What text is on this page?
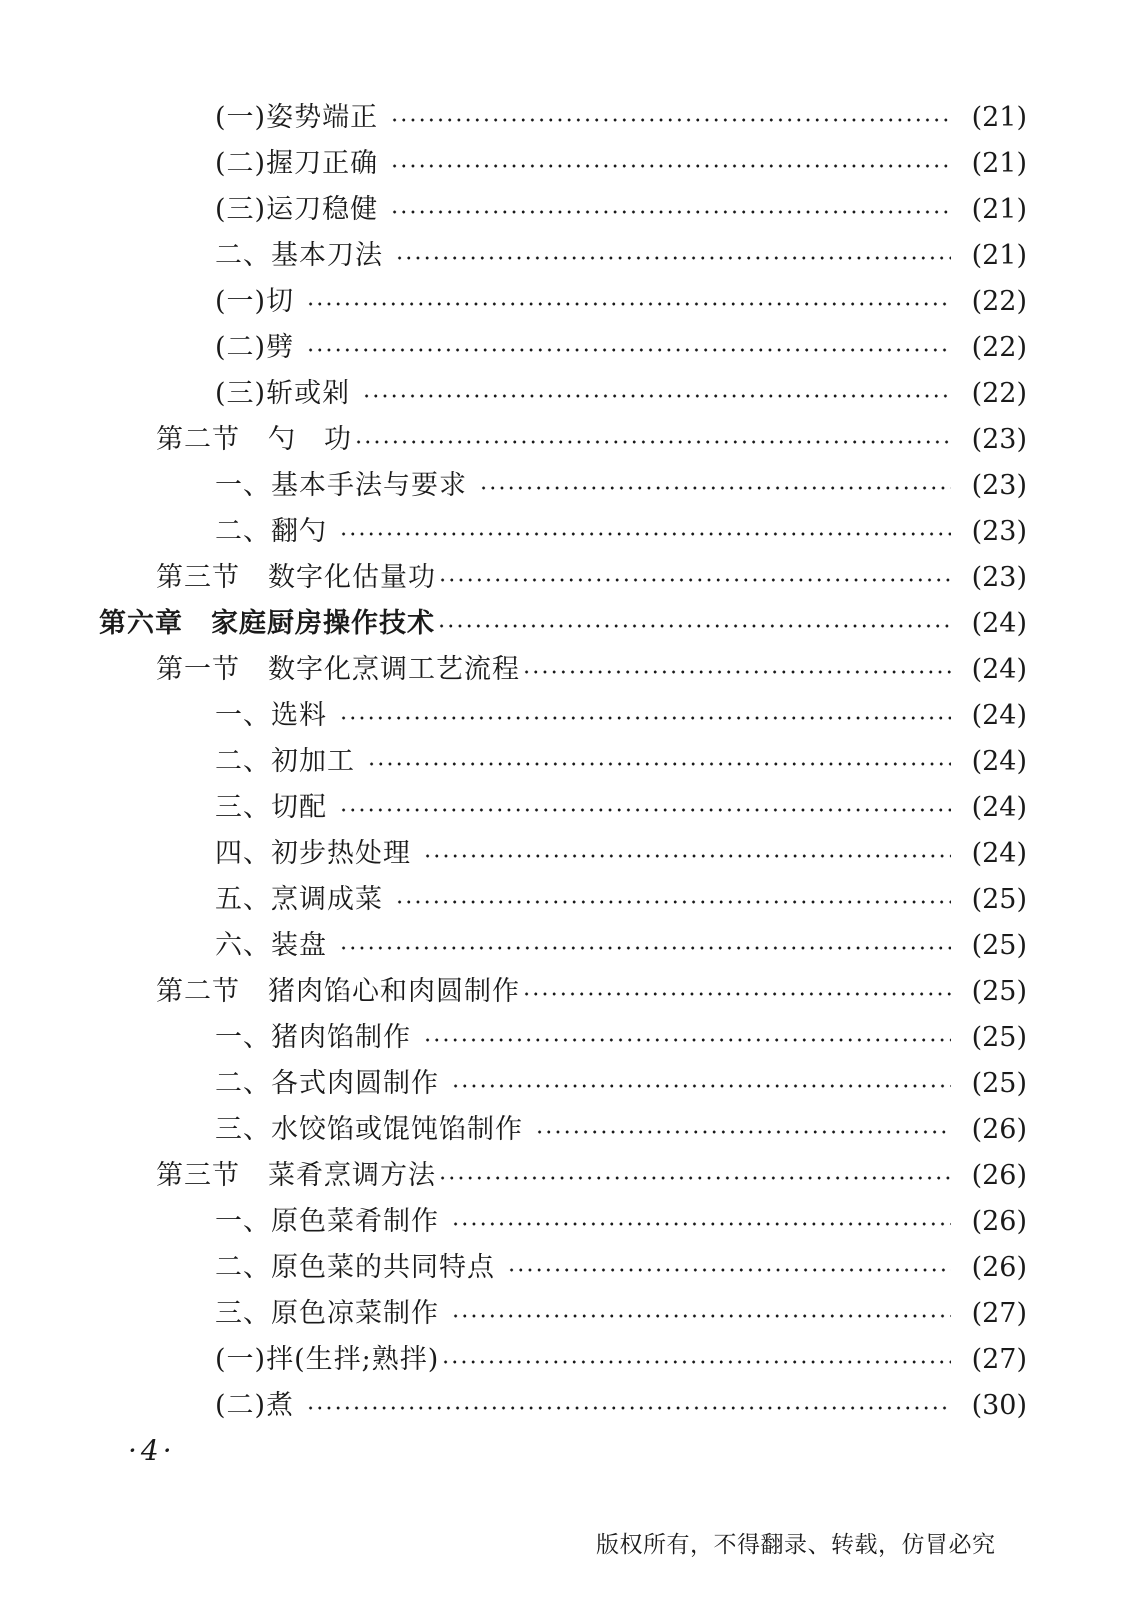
(一)姿势端正	(21)
(二)握刀正确	(21)
(三)运刀稳健	(21)
二、基本刀法	(21)
(一)切	(22)
(二)劈	(22)
(三)斩或剁	(22)
第二节　勺　功	(23)
一、基本手法与要求	(23)
二、翻勺	(23)
第三节　数字化估量功	(23)
第六章　家庭厨房操作技术	(24)
第一节　数字化烹调工艺流程	(24)
一、选料	(24)
二、初加工	(24)
三、切配	(24)
四、初步热处理	(24)
五、烹调成菜	(25)
六、装盘	(25)
第二节　猪肉馅心和肉圆制作	(25)
一、猪肉馅制作	(25)
二、各式肉圆制作	(25)
三、水饺馅或馄饨馅制作	(26)
第三节　菜肴烹调方法	(26)
一、原色菜肴制作	(26)
二、原色菜的共同特点	(26)
三、原色凉菜制作	(27)
(一)拌(生拌;熟拌)	(27)
(二)煮	(30)
·4·
版权所有，不得翻录、转载，仿冒必究
